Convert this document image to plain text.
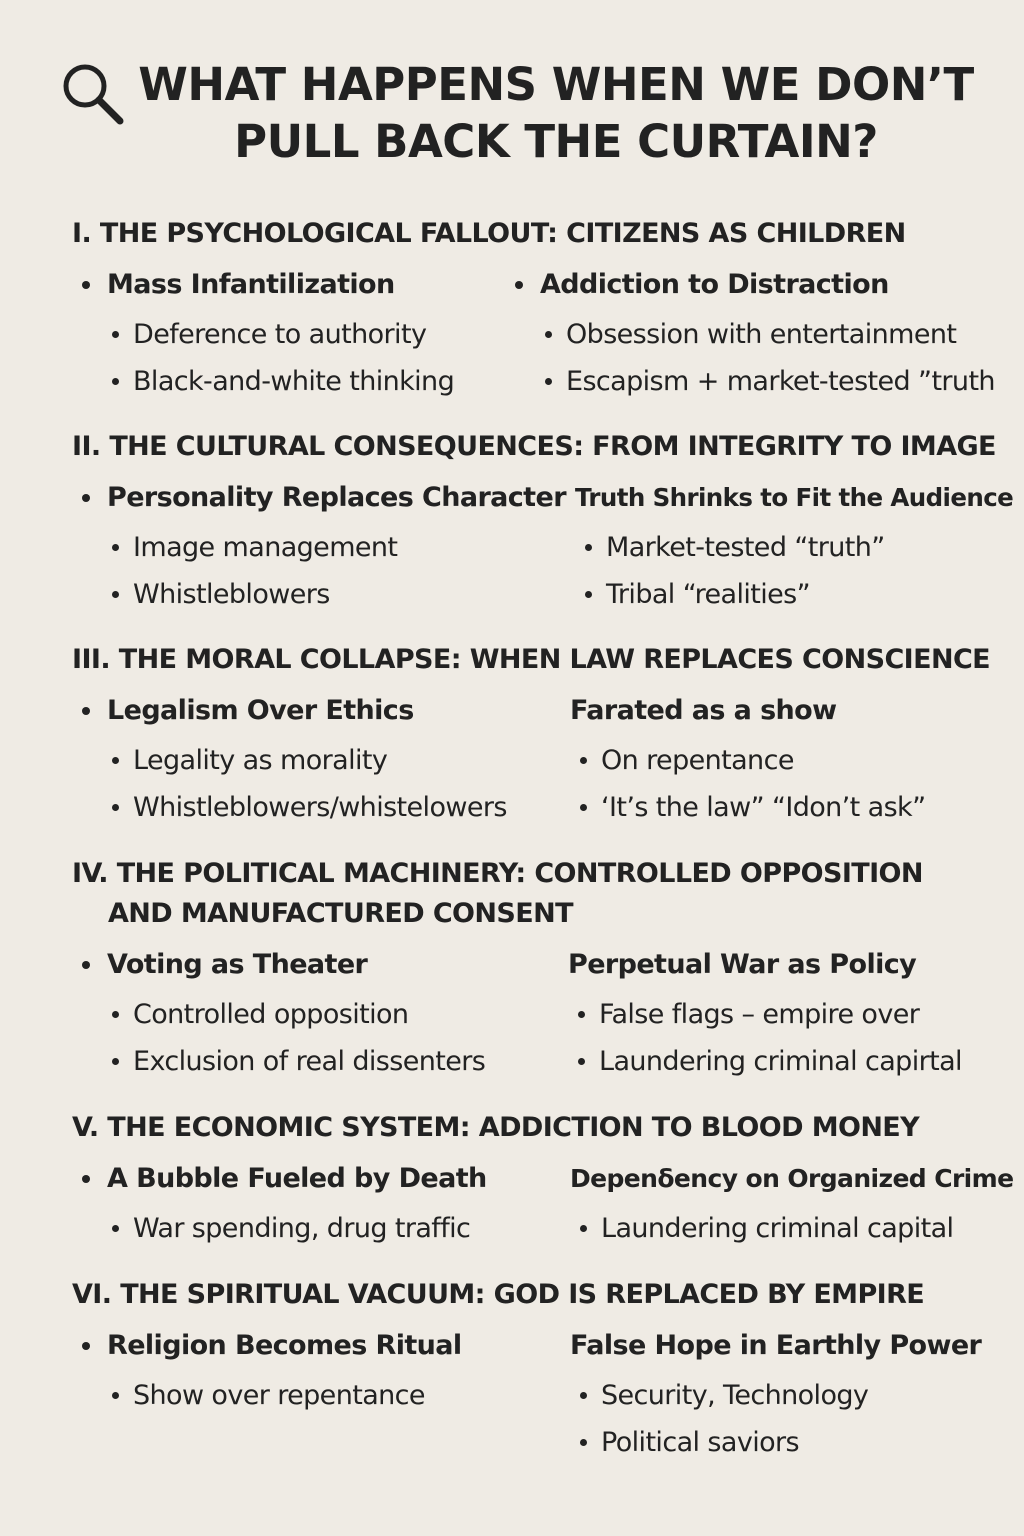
WHAT HAPPENS WHEN WE DON’T
PULL BACK THE CURTAIN?
I. THE PSYCHOLOGICAL FALLOUT: CITIZENS AS CHILDREN
Mass Infantilization
Deference to authority
Black-and-white thinking
Addiction to Distraction
Obsession with entertainment
Escapism + market-tested ”truth
II. THE CULTURAL CONSEQUENCES: FROM INTEGRITY TO IMAGE
Personality Replaces Character
Image management
Whistleblowers
Truth Shrinks to Fit the Audience
Market-tested “truth”
Tribal “realities”
III. THE MORAL COLLAPSE: WHEN LAW REPLACES CONSCIENCE
Legalism Over Ethics
Legality as morality
Whistleblowers/whistelowers
Farated as a show
On repentance
‘It’s the law” “Idon’t ask”
IV. THE POLITICAL MACHINERY: CONTROLLED OPPOSITION
AND MANUFACTURED CONSENT
Voting as Theater
Controlled opposition
Exclusion of real dissenters
Perpetual War as Policy
False flags – empire over
Laundering criminal capirtal
V. THE ECONOMIC SYSTEM: ADDICTION TO BLOOD MONEY
A Bubble Fueled by Death
War spending, drug traffic
Depenδency on Organized Crime
Laundering criminal capital
VI. THE SPIRITUAL VACUUM: GOD IS REPLACED BY EMPIRE
Religion Becomes Ritual
Show over repentance
False Hope in Earthly Power
Security, Technology
Political saviors
